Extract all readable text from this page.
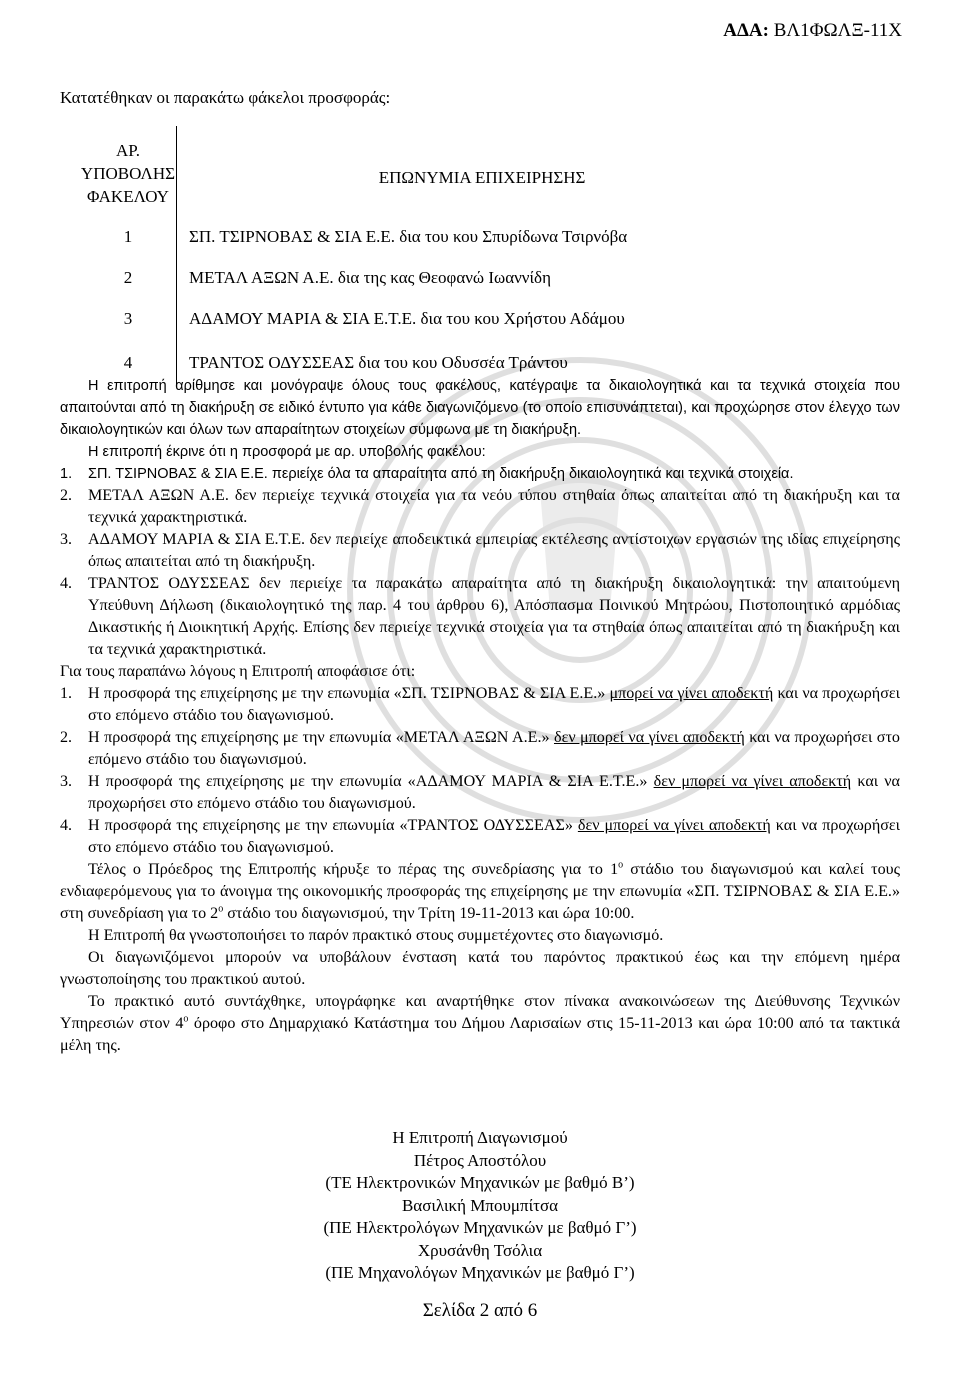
ΑΔΑ: ΒΛ1ΦΩΛΞ-11Χ
Κατατέθηκαν οι παρακάτω φάκελοι προσφοράς:
ΑΡ.
ΥΠΟΒΟΛΗΣ
ΦΑΚΕΛΟΥ	ΕΠΩΝΥΜΙΑ ΕΠΙΧΕΙΡΗΣΗΣ
1	ΣΠ. ΤΣΙΡΝΟΒΑΣ & ΣΙΑ Ε.Ε. δια του κου Σπυρίδωνα Τσιρνόβα
2	ΜΕΤΑΛ ΑΞΩΝ Α.Ε. δια της κας Θεοφανώ Ιωαννίδη
3	ΑΔΑΜΟΥ ΜΑΡΙΑ & ΣΙΑ Ε.Τ.Ε. δια του κου Χρήστου Αδάμου
4	ΤΡΑΝΤΟΣ ΟΔΥΣΣΕΑΣ δια του κου Οδυσσέα Τράντου

Η επιτροπή αρίθμησε και μονόγραψε όλους τους φακέλους, κατέγραψε τα δικαιολογητικά και τα τεχνικά στοιχεία που απαιτούνται από τη διακήρυξη σε ειδικό έντυπο για κάθε διαγωνιζόμενο (το οποίο επισυνάπτεται), και προχώρησε στον έλεγχο των δικαιολογητικών και όλων των απαραίτητων στοιχείων σύμφωνα με τη διακήρυξη.

Η επιτροπή έκρινε ότι η προσφορά με αρ. υποβολής φακέλου:

1.	ΣΠ. ΤΣΙΡΝΟΒΑΣ & ΣΙΑ Ε.Ε. περιείχε όλα τα απαραίτητα από τη διακήρυξη δικαιολογητικά και τεχνικά στοιχεία.
2. ΜΕΤΑΛ ΑΞΩΝ Α.Ε. δεν περιείχε τεχνικά στοιχεία για τα νεόυ τύπου στηθαία όπως απαιτείται από τη διακήρυξη και τα τεχνικά χαρακτηριστικά.
3. ΑΔΑΜΟΥ ΜΑΡΙΑ & ΣΙΑ Ε.Τ.Ε. δεν περιείχε αποδεικτικά εμπειρίας εκτέλεσης αντίστοιχων εργασιών της ιδίας επιχείρησης όπως απαιτείται από τη διακήρυξη.
4. ΤΡΑΝΤΟΣ ΟΔΥΣΣΕΑΣ δεν περιείχε τα παρακάτω απαραίτητα από τη διακήρυξη δικαιολογητικά: την απαιτούμενη Υπεύθυνη Δήλωση (δικαιολογητικό της παρ. 4 του άρθρου 6), Απόσπασμα Ποινικού Μητρώου, Πιστοποιητικό αρμόδιας Δικαστικής ή Διοικητική Αρχής. Επίσης δεν περιείχε τεχνικά στοιχεία για τα στηθαία όπως απαιτείται από τη διακήρυξη και τα τεχνικά χαρακτηριστικά.

Για τους παραπάνω λόγους η Επιτροπή αποφάσισε ότι:

1. Η προσφορά της επιχείρησης με την επωνυμία «ΣΠ. ΤΣΙΡΝΟΒΑΣ & ΣΙΑ Ε.Ε.» μπορεί να γίνει αποδεκτή και να προχωρήσει στο επόμενο στάδιο του διαγωνισμού.
2. Η προσφορά της επιχείρησης με την επωνυμία «ΜΕΤΑΛ ΑΞΩΝ Α.Ε.» δεν μπορεί να γίνει αποδεκτή και να προχωρήσει στο επόμενο στάδιο του διαγωνισμού.
3. Η προσφορά της επιχείρησης με την επωνυμία «ΑΔΑΜΟΥ ΜΑΡΙΑ & ΣΙΑ Ε.Τ.Ε.» δεν μπορεί να γίνει αποδεκτή και να προχωρήσει στο επόμενο στάδιο του διαγωνισμού.
4. Η προσφορά της επιχείρησης με την επωνυμία «ΤΡΑΝΤΟΣ ΟΔΥΣΣΕΑΣ» δεν μπορεί να γίνει αποδεκτή και να προχωρήσει στο επόμενο στάδιο του διαγωνισμού.

Τέλος ο Πρόεδρος της Επιτροπής κήρυξε το πέρας της συνεδρίασης για το $1^o$ στάδιο του διαγωνισμού και καλεί τους ενδιαφερόμενους για το άνοιγμα της οικονομικής προσφοράς της επιχείρησης με την επωνυμία «ΣΠ. ΤΣΙΡΝΟΒΑΣ & ΣΙΑ Ε.Ε.» στη συνεδρίαση για το $2^o$ στάδιο του διαγωνισμού, την Τρίτη 19-11-2013 και ώρα 10:00.

Η Επιτροπή θα γνωστοποιήσει το παρόν πρακτικό στους συμμετέχοντες στο διαγωνισμό.

Οι διαγωνιζόμενοι μπορούν να υποβάλουν ένσταση κατά του παρόντος πρακτικού έως και την επόμενη ημέρα γνωστοποίησης του πρακτικού αυτού.

Το πρακτικό αυτό συντάχθηκε, υπογράφηκε και αναρτήθηκε στον πίνακα ανακοινώσεων της Διεύθυνσης Τεχνικών Υπηρεσιών στον $4^o$ όροφο στο Δημαρχιακό Κατάστημα του Δήμου Λαρισαίων στις 15-11-2013 και ώρα 10:00 από τα τακτικά μέλη της.

Η Επιτροπή Διαγωνισμού

Πέτρος Αποστόλου

(ΤΕ Ηλεκτρονικών Μηχανικών με βαθμό Β’)

Βασιλική Μπουμπίτσα

(ΠΕ Ηλεκτρολόγων Μηχανικών με βαθμό Γ’)

Χρυσάνθη Τσόλια

(ΠΕ Μηχανολόγων Μηχανικών με βαθμό Γ’)

Σελίδα 2 από 6
